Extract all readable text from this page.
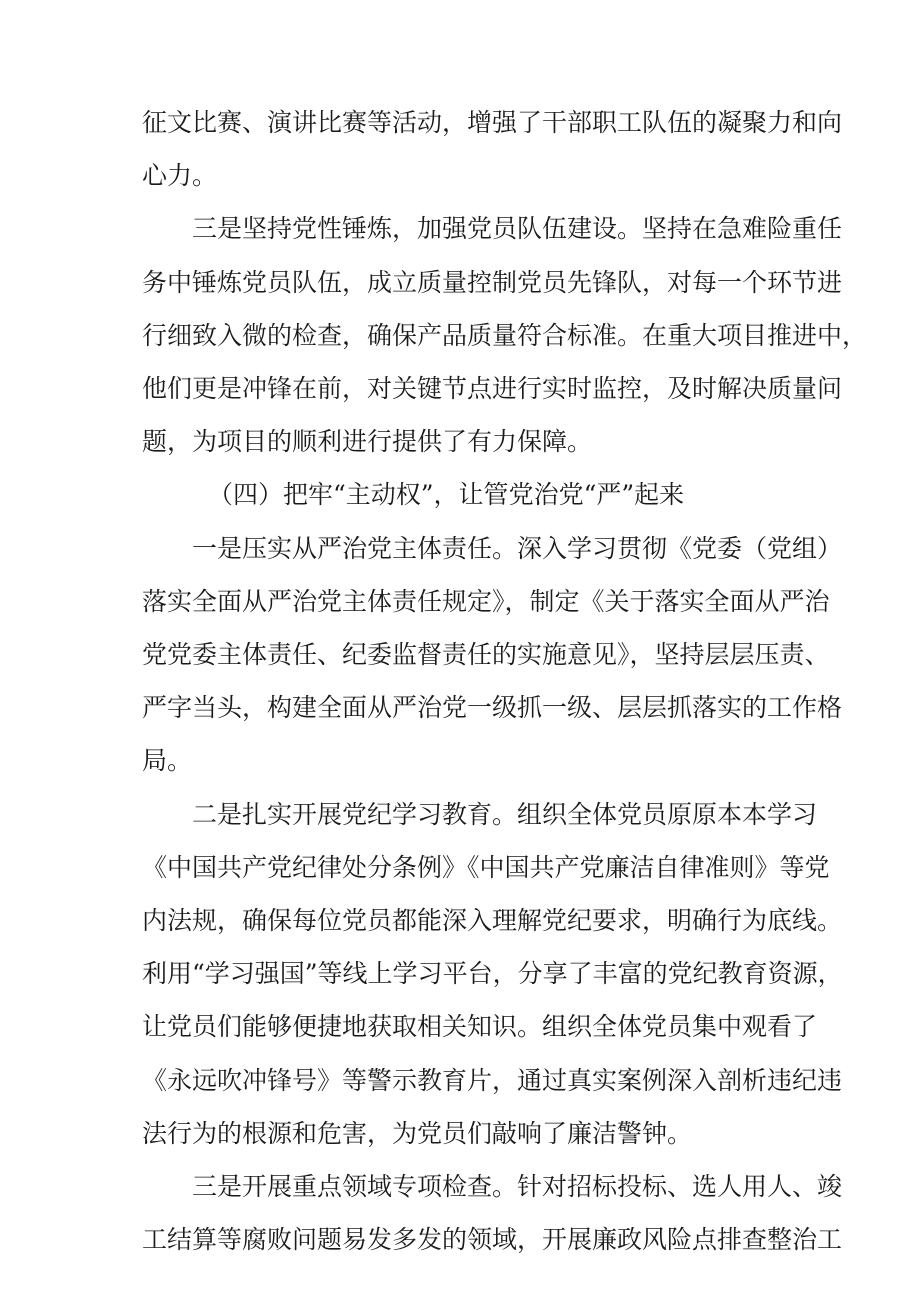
征文比赛、演讲比赛等活动，增强了干部职工队伍的凝聚力和向
心力。
三是坚持党性锤炼，加强党员队伍建设。坚持在急难险重任
务中锤炼党员队伍，成立质量控制党员先锋队，对每一个环节进
行细致入微的检查，确保产品质量符合标准。在重大项目推进中，
他们更是冲锋在前，对关键节点进行实时监控，及时解决质量问
题，为项目的顺利进行提供了有力保障。
（四）把牢“主动权”，让管党治党“严”起来
一是压实从严治党主体责任。深入学习贯彻《党委（党组）
落实全面从严治党主体责任规定》，制定《关于落实全面从严治
党党委主体责任、纪委监督责任的实施意见》，坚持层层压责、
严字当头，构建全面从严治党一级抓一级、层层抓落实的工作格
局。
二是扎实开展党纪学习教育。组织全体党员原原本本学习
《中国共产党纪律处分条例》《中国共产党廉洁自律准则》等党
内法规，确保每位党员都能深入理解党纪要求，明确行为底线。
利用“学习强国”等线上学习平台，分享了丰富的党纪教育资源，
让党员们能够便捷地获取相关知识。组织全体党员集中观看了
《永远吹冲锋号》等警示教育片，通过真实案例深入剖析违纪违
法行为的根源和危害，为党员们敲响了廉洁警钟。
三是开展重点领域专项检查。针对招标投标、选人用人、竣
工结算等腐败问题易发多发的领域，开展廉政风险点排查整治工
